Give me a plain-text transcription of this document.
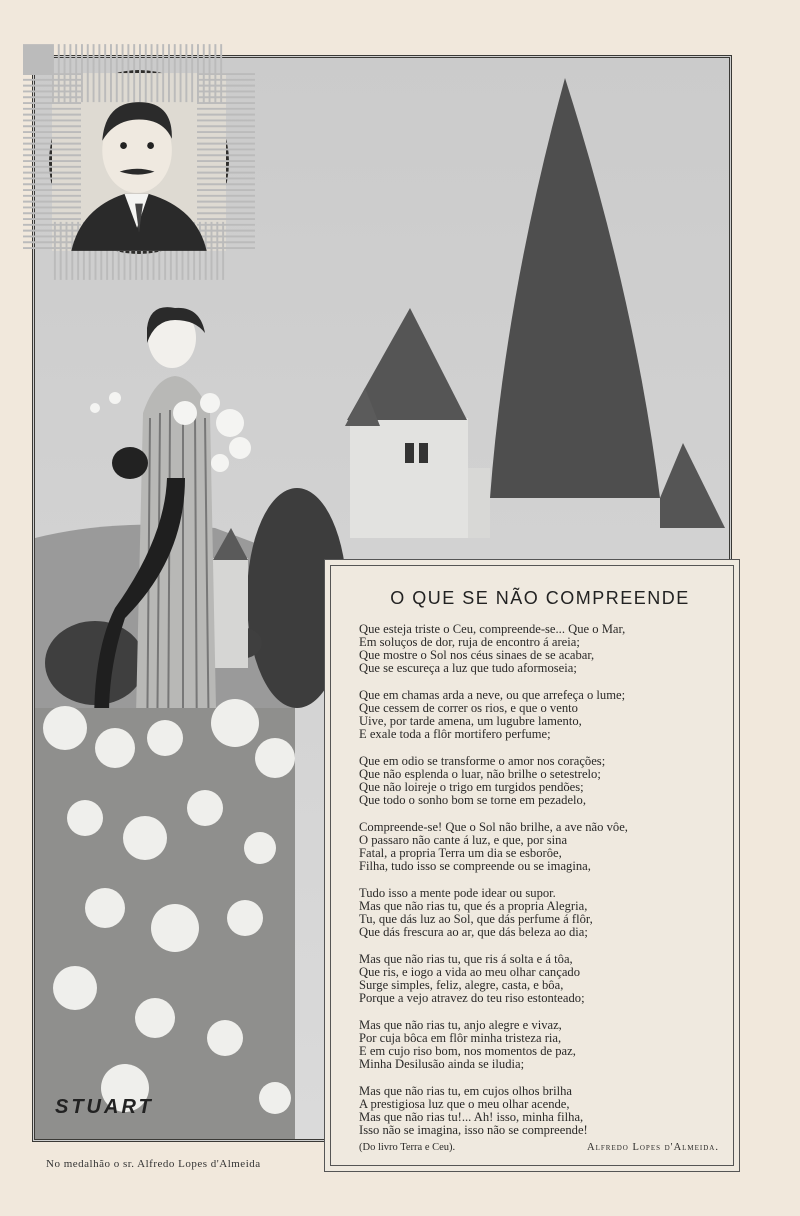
STUART
O QUE SE NÃO COMPREENDE
Que esteja triste o Ceu, compreende-se... Que o Mar,
Em soluços de dor, ruja de encontro á areia;
Que mostre o Sol nos céus sinaes de se acabar,
Que se escureça a luz que tudo aformoseia;
Que em chamas arda a neve, ou que arrefeça o lume;
Que cessem de correr os rios, e que o vento
Uive, por tarde amena, um lugubre lamento,
E exale toda a flôr mortifero perfume;
Que em odio se transforme o amor nos corações;
Que não esplenda o luar, não brilhe o setestrelo;
Que não loireje o trigo em turgidos pendões;
Que todo o sonho bom se torne em pezadelo,
Compreende-se! Que o Sol não brilhe, a ave não vôe,
O passaro não cante á luz, e que, por sina
Fatal, a propria Terra um dia se esborôe,
Filha, tudo isso se compreende ou se imagina,
Tudo isso a mente pode idear ou supor.
Mas que não rias tu, que és a propria Alegria,
Tu, que dás luz ao Sol, que dás perfume á flôr,
Que dás frescura ao ar, que dás beleza ao dia;
Mas que não rias tu, que ris á solta e á tôa,
Que ris, e iogo a vida ao meu olhar cançado
Surge simples, feliz, alegre, casta, e bôa,
Porque a vejo atravez do teu riso estonteado;
Mas que não rias tu, anjo alegre e vivaz,
Por cuja bôca em flôr minha tristeza ria,
E em cujo riso bom, nos momentos de paz,
Minha Desilusão ainda se iludia;
Mas que não rias tu, em cujos olhos brilha
A prestigiosa luz que o meu olhar acende,
Mas que não rias tu!... Ah! isso, minha filha,
Isso não se imagina, isso não se compreende!
(Do livro Terra e Ceu).	Alfredo Lopes d'Almeida.
No medalhão o sr. Alfredo Lopes d'Almeida
